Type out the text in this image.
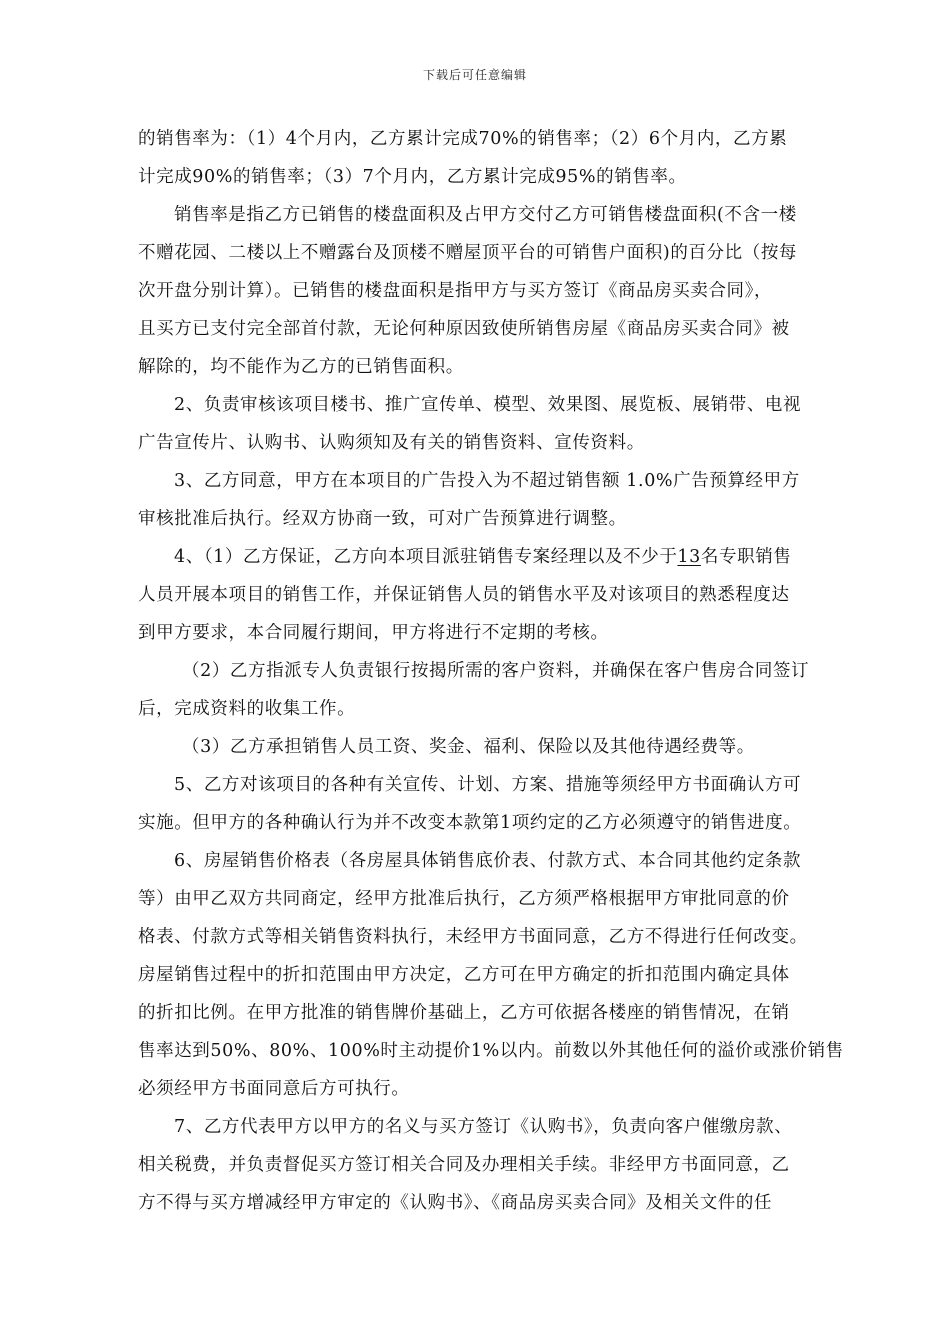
下载后可任意编辑
的销售率为：（1）4个月内，乙方累计完成70%的销售率；（2）6个月内，乙方累
计完成90%的销售率；（3）7个月内，乙方累计完成95%的销售率。
销售率是指乙方已销售的楼盘面积及占甲方交付乙方可销售楼盘面积(不含一楼
不赠花园、二楼以上不赠露台及顶楼不赠屋顶平台的可销售户面积)的百分比（按每
次开盘分别计算）。已销售的楼盘面积是指甲方与买方签订《商品房买卖合同》，
且买方已支付完全部首付款，无论何种原因致使所销售房屋《商品房买卖合同》被
解除的，均不能作为乙方的已销售面积。
2、负责审核该项目楼书、推广宣传单、模型、效果图、展览板、展销带、电视
广告宣传片、认购书、认购须知及有关的销售资料、宣传资料。
3、乙方同意，甲方在本项目的广告投入为不超过销售额 1.0%广告预算经甲方
审核批准后执行。经双方协商一致，可对广告预算进行调整。
4、（1）乙方保证，乙方向本项目派驻销售专案经理以及不少于13名专职销售
人员开展本项目的销售工作，并保证销售人员的销售水平及对该项目的熟悉程度达
到甲方要求，本合同履行期间，甲方将进行不定期的考核。
（2）乙方指派专人负责银行按揭所需的客户资料，并确保在客户售房合同签订
后，完成资料的收集工作。
（3）乙方承担销售人员工资、奖金、福利、保险以及其他待遇经费等。
5、乙方对该项目的各种有关宣传、计划、方案、措施等须经甲方书面确认方可
实施。但甲方的各种确认行为并不改变本款第1项约定的乙方必须遵守的销售进度。
6、房屋销售价格表（各房屋具体销售底价表、付款方式、本合同其他约定条款
等）由甲乙双方共同商定，经甲方批准后执行，乙方须严格根据甲方审批同意的价
格表、付款方式等相关销售资料执行，未经甲方书面同意，乙方不得进行任何改变。
房屋销售过程中的折扣范围由甲方决定，乙方可在甲方确定的折扣范围内确定具体
的折扣比例。在甲方批准的销售牌价基础上，乙方可依据各楼座的销售情况，在销
售率达到50%、80%、100%时主动提价1%以内。前数以外其他任何的溢价或涨价销售
必须经甲方书面同意后方可执行。
7、乙方代表甲方以甲方的名义与买方签订《认购书》，负责向客户催缴房款、
相关税费，并负责督促买方签订相关合同及办理相关手续。非经甲方书面同意，乙
方不得与买方增减经甲方审定的《认购书》、《商品房买卖合同》及相关文件的任
